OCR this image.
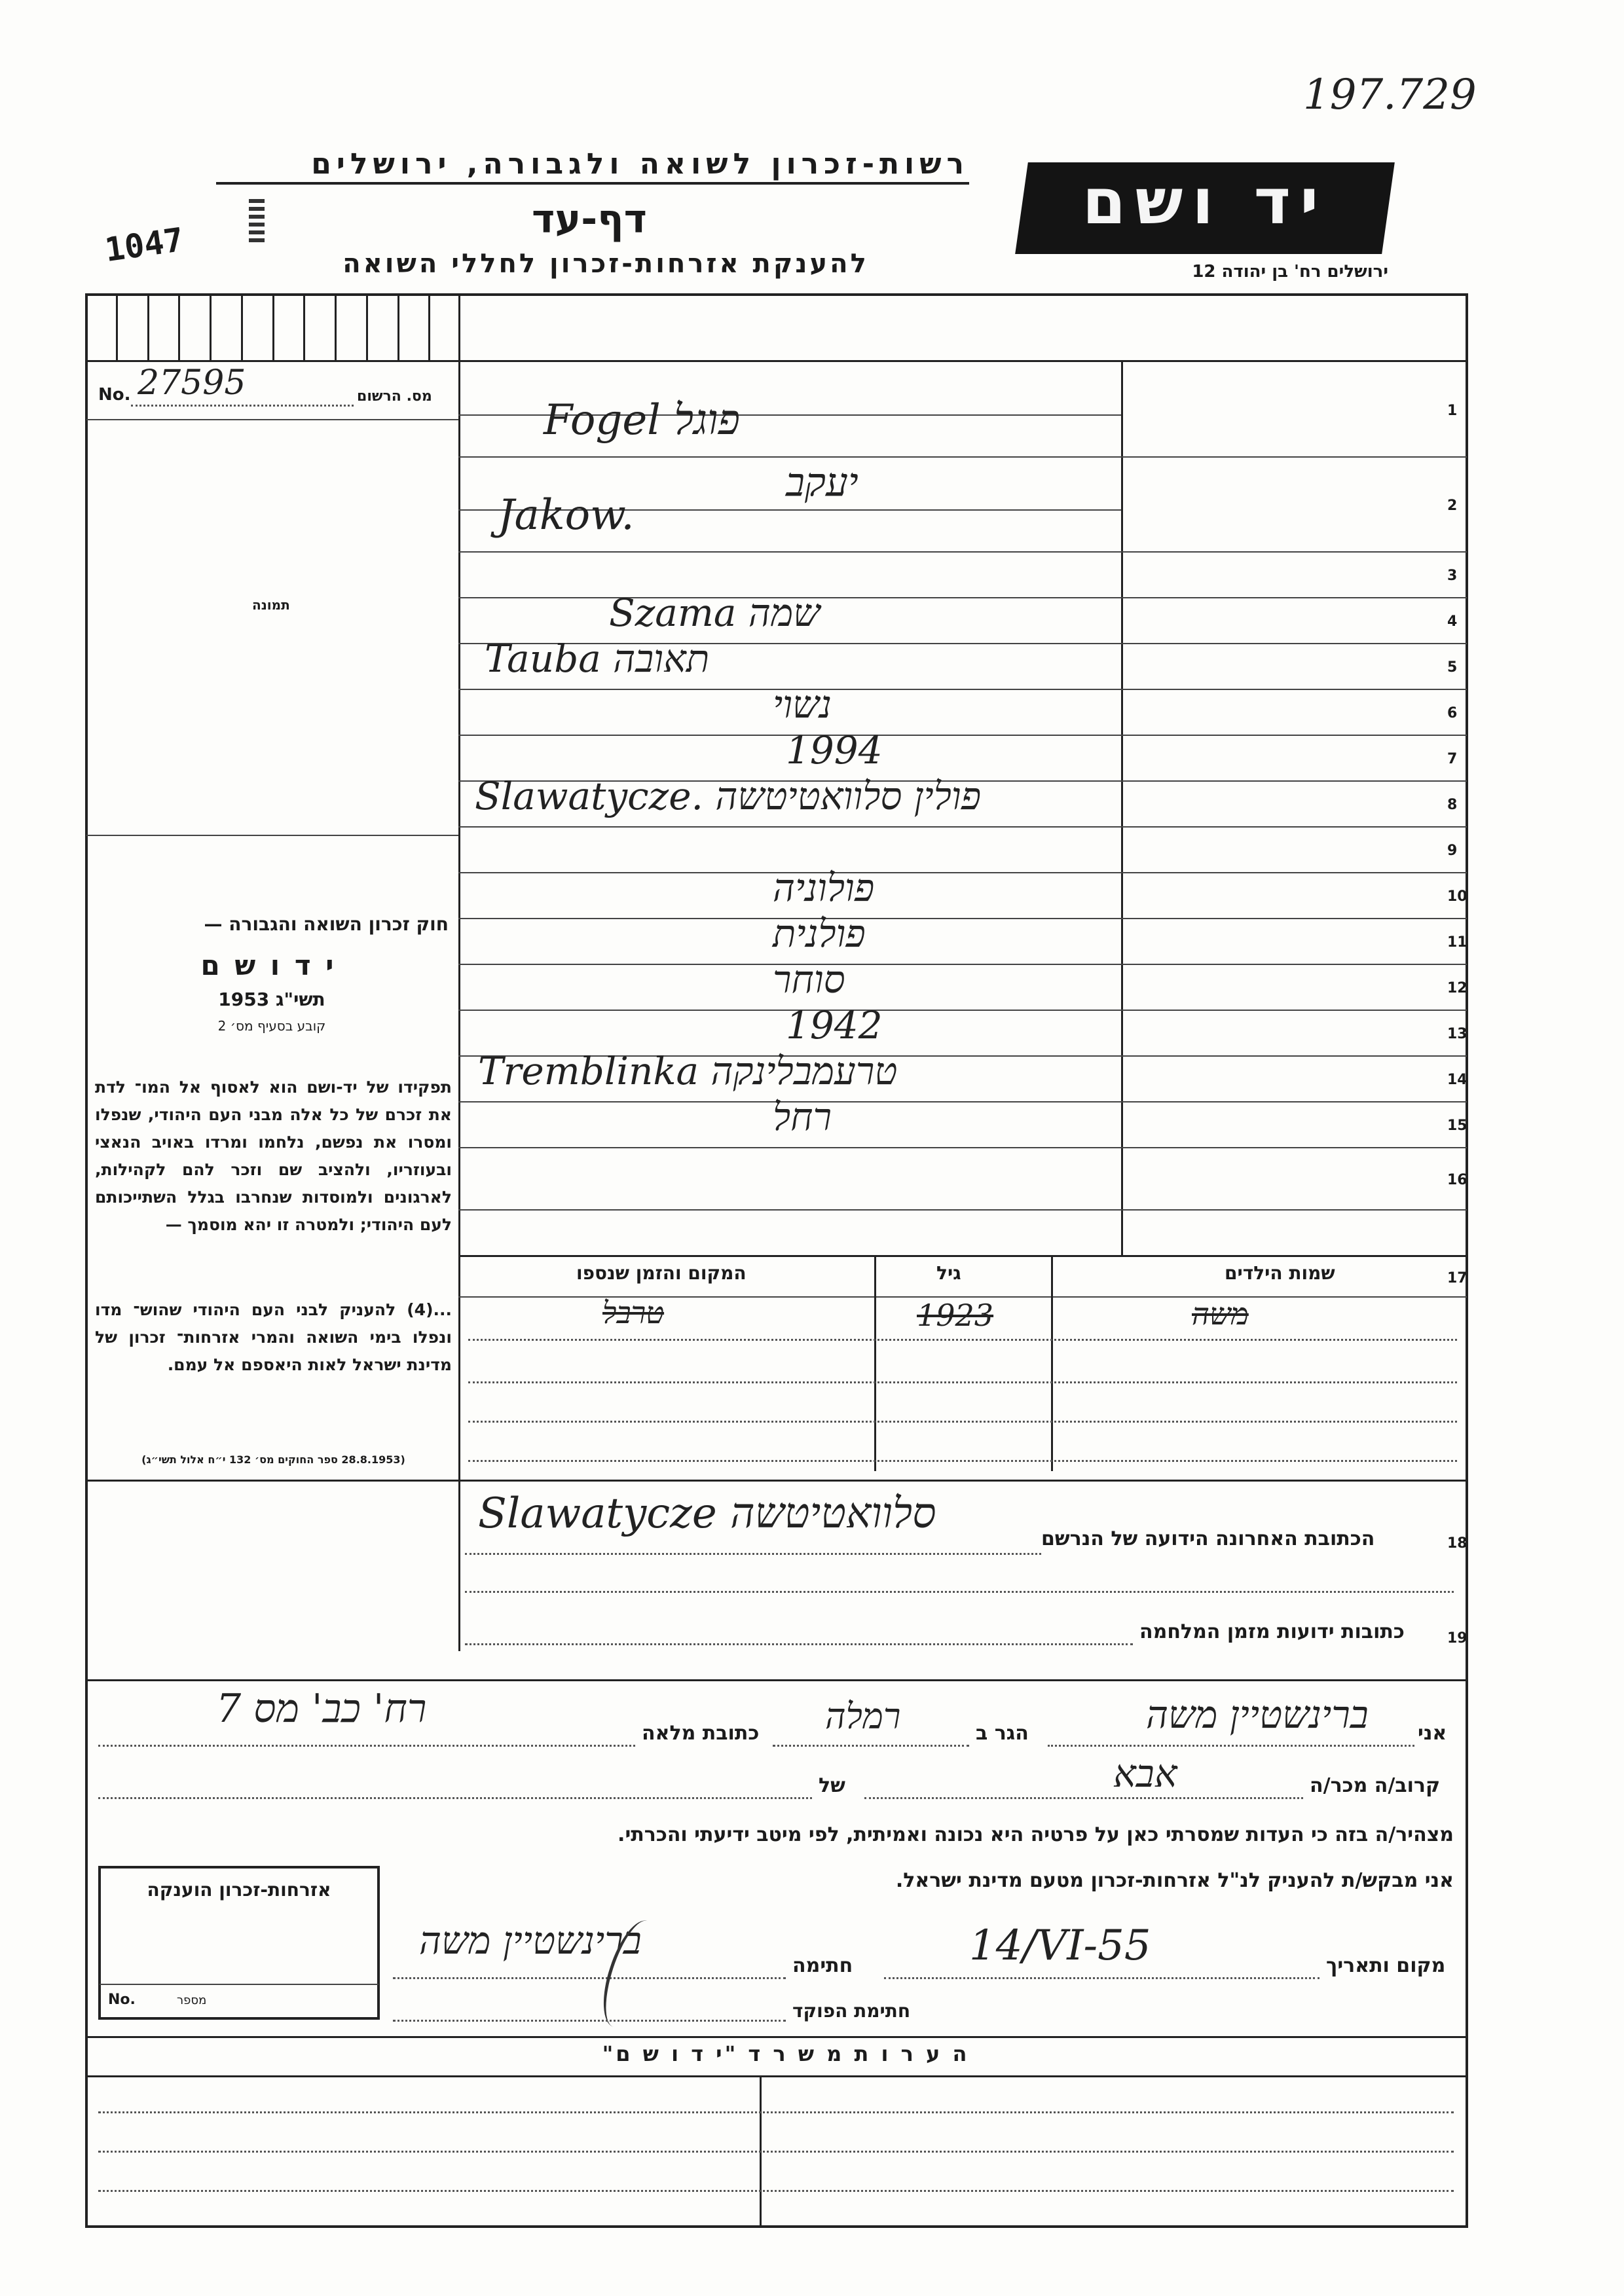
197.729
רשות-זכרון לשואה ולגבורה, ירושלים
1047
דף-עד
להענקת אזרחות-זכרון לחללי השואה
יד ושם
ירושלים רח' בן יהודה 12
No. 27595	מס. הרשום
תמונה
חוק זכרון השואה והגבורה —
י ד ו ש ם
תשי"ג 1953
קובע בסעיף מס׳ 2
תפקידו של יד-ושם הוא לאסוף אל המו־ לדת את זכרם של כל אלה מבני העם היהודי, שנפלו ומסרו את נפשם, נלחמו ומרדו באויב הנאצי ובעוזריו, ולהציב שם וזכר להם לקהילות, לארגונים ולמוסדות שנחרבו בגלל השתייכותם לעם היהודי; ולמטרה זו יהא מוסמך —
...(4) להעניק לבני העם היהודי שהוש־ מדו ונפלו בימי השואה והמרי אזרחות־ זכרון של מדינת ישראל לאות היאספם אל עמם.
(28.8.1953 ספר החוקים מס׳ 132 י״ח אלול תשי״ג)
1
Fogel פוגל
2
Jakow.
יעקב
3
4
Szama שמה
5
Tauba תאובה
6
נשוי
7
1994
8
Slawatycze. פולין סלוואטיטשה
9
10
פולוניה
11
פולנית
12
סוחר
13
1942
14
Tremblinka טרעמבלינקה
15
רחל
16
17
שמות הילדים
גיל
המקום והזמן שנספו
משה
1923
טרבל
18
הכתובת האחרונה הידועה של הנרשם
Slawatycze סלוואטיטשה
19
כתובות ידועות מזמן המלחמה
אני
ברינשטיין משה
הגר ב
רמלה
כתובת מלאה
רח' כב' מס 7
קרוב/ה מכר/ה
אבא
של
מצהיר/ה בזה כי העדות שמסרתי כאן על פרטיה היא נכונה ואמיתית, לפי מיטב ידיעתי והכרתי.
אני מבקש/ת להעניק לנ"ל אזרחות-זכרון מטעם מדינת ישראל.
מקום ותאריך
14/VI-55
חתימה
ברינשטיין משה
חתימת הפוקד
אזרחות-זכרון הוענקה
No.	מספר
ה ע ר ו ת מ ש ר ד "י ד ו ש ם"
